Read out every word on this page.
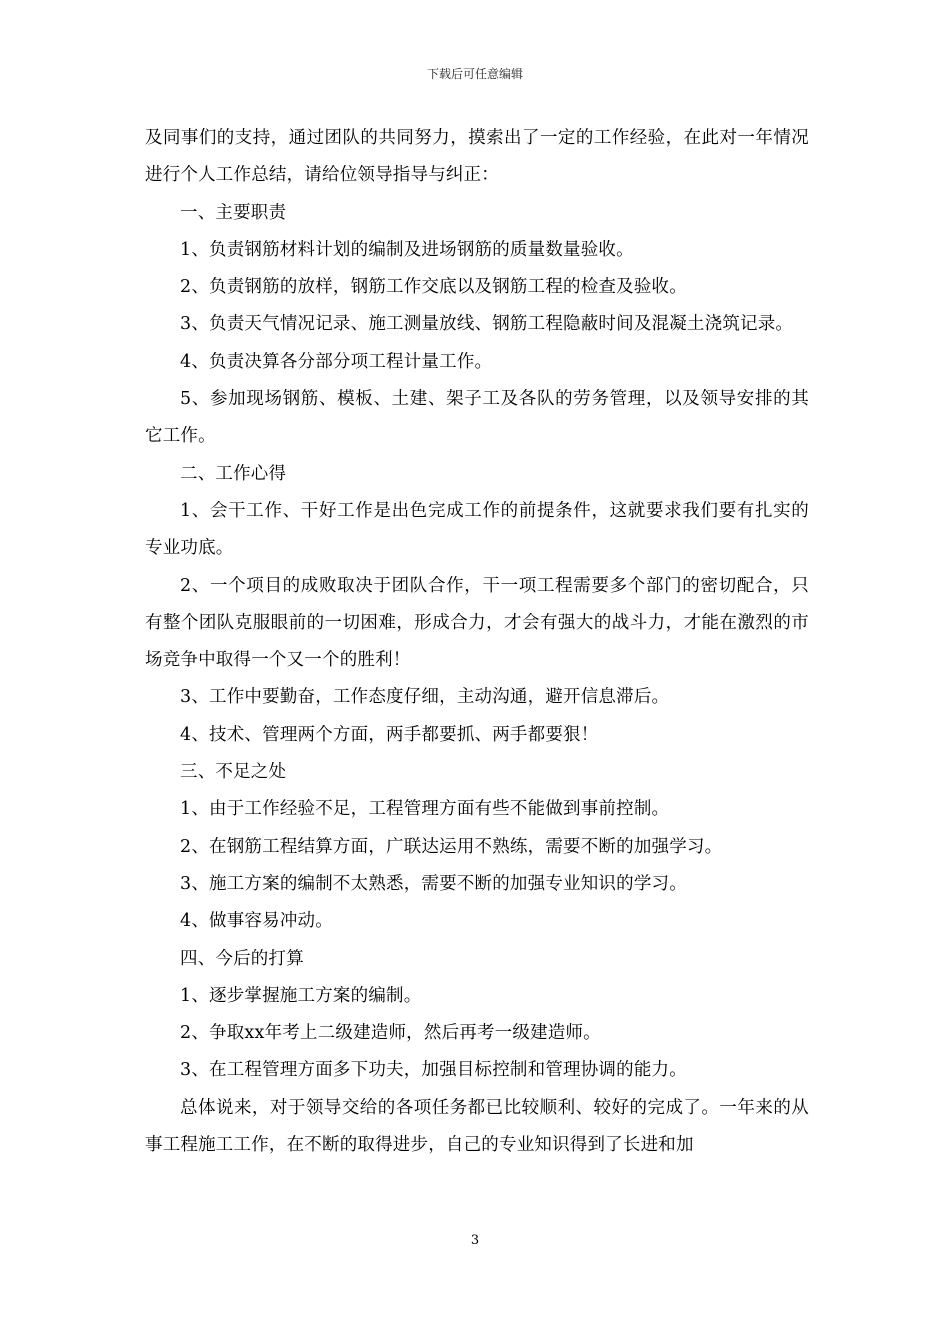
下载后可任意编辑

及同事们的支持，通过团队的共同努力，摸索出了一定的工作经验，在此对一年情况进行个人工作总结，请给位领导指导与纠正：

一、主要职责

1、负责钢筋材料计划的编制及进场钢筋的质量数量验收。

2、负责钢筋的放样，钢筋工作交底以及钢筋工程的检查及验收。

3、负责天气情况记录、施工测量放线、钢筋工程隐蔽时间及混凝土浇筑记录。

4、负责决算各分部分项工程计量工作。

5、参加现场钢筋、模板、土建、架子工及各队的劳务管理，以及领导安排的其它工作。

二、工作心得

1、会干工作、干好工作是出色完成工作的前提条件，这就要求我们要有扎实的专业功底。

2、一个项目的成败取决于团队合作，干一项工程需要多个部门的密切配合，只有整个团队克服眼前的一切困难，形成合力，才会有强大的战斗力，才能在激烈的市场竞争中取得一个又一个的胜利！

3、工作中要勤奋，工作态度仔细，主动沟通，避开信息滞后。

4、技术、管理两个方面，两手都要抓、两手都要狠！

三、不足之处

1、由于工作经验不足，工程管理方面有些不能做到事前控制。

2、在钢筋工程结算方面，广联达运用不熟练，需要不断的加强学习。

3、施工方案的编制不太熟悉，需要不断的加强专业知识的学习。

4、做事容易冲动。

四、今后的打算

1、逐步掌握施工方案的编制。

2、争取xx年考上二级建造师，然后再考一级建造师。

3、在工程管理方面多下功夫，加强目标控制和管理协调的能力。

总体说来，对于领导交给的各项任务都已比较顺利、较好的完成了。一年来的从事工程施工工作，在不断的取得进步，自己的专业知识得到了长进和加

3
